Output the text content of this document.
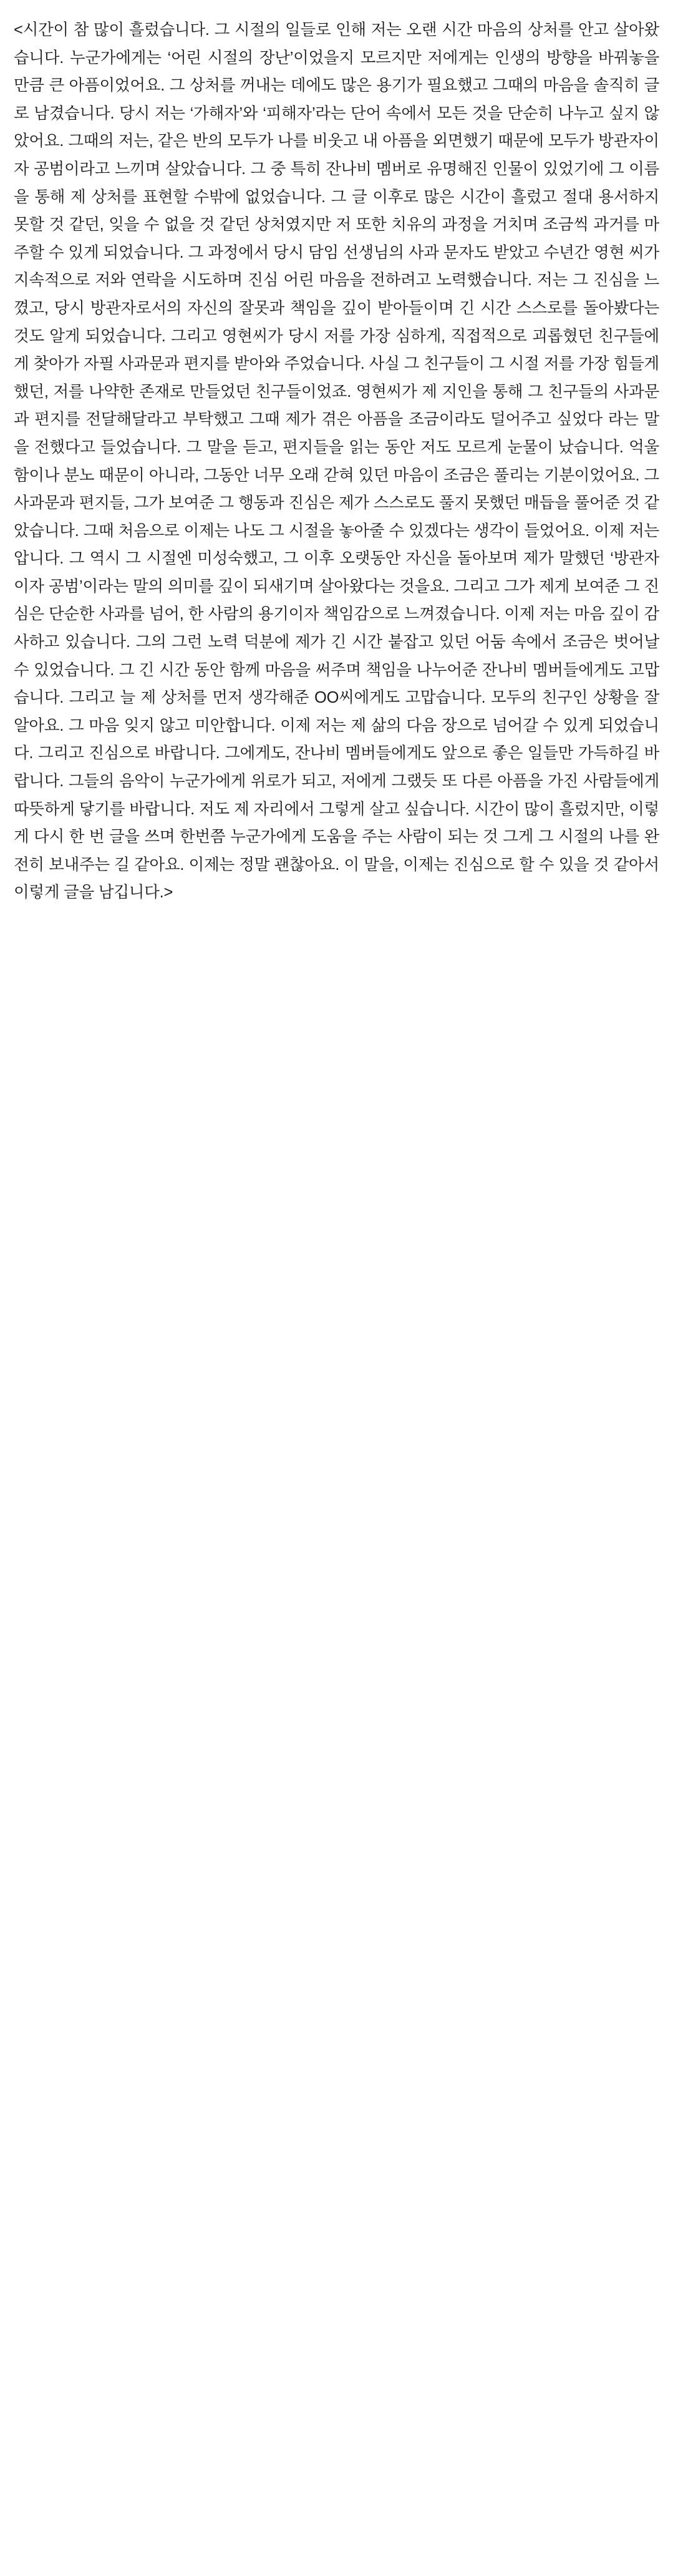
<시간이 참 많이 흘렀습니다. 그 시절의 일들로 인해 저는 오랜 시간 마음의 상처를 안고 살아왔습니다. 누군가에게는 ‘어린 시절의 장난’이었을지 모르지만 저에게는 인생의 방향을 바꿔놓을 만큼 큰 아픔이었어요. 그 상처를 꺼내는 데에도 많은 용기가 필요했고 그때의 마음을 솔직히 글로 남겼습니다. 당시 저는 ‘가해자’와 ‘피해자’라는 단어 속에서 모든 것을 단순히 나누고 싶지 않았어요. 그때의 저는, 같은 반의 모두가 나를 비웃고 내 아픔을 외면했기 때문에 모두가 방관자이자 공범이라고 느끼며 살았습니다. 그 중 특히 잔나비 멤버로 유명해진 인물이 있었기에 그 이름을 통해 제 상처를 표현할 수밖에 없었습니다. 그 글 이후로 많은 시간이 흘렀고 절대 용서하지 못할 것 같던, 잊을 수 없을 것 같던 상처였지만 저 또한 치유의 과정을 거치며 조금씩 과거를 마주할 수 있게 되었습니다. 그 과정에서 당시 담임 선생님의 사과 문자도 받았고 수년간 영현 씨가 지속적으로 저와 연락을 시도하며 진심 어린 마음을 전하려고 노력했습니다. 저는 그 진심을 느꼈고, 당시 방관자로서의 자신의 잘못과 책임을 깊이 받아들이며 긴 시간 스스로를 돌아봤다는 것도 알게 되었습니다. 그리고 영현씨가 당시 저를 가장 심하게, 직접적으로 괴롭혔던 친구들에게 찾아가 자필 사과문과 편지를 받아와 주었습니다. 사실 그 친구들이 그 시절 저를 가장 힘들게 했던, 저를 나약한 존재로 만들었던 친구들이었죠. 영현씨가 제 지인을 통해 그 친구들의 사과문과 편지를 전달해달라고 부탁했고 그때 제가 겪은 아픔을 조금이라도 덜어주고 싶었다 라는 말을 전했다고 들었습니다. 그 말을 듣고, 편지들을 읽는 동안 저도 모르게 눈물이 났습니다. 억울함이나 분노 때문이 아니라, 그동안 너무 오래 갇혀 있던 마음이 조금은 풀리는 기분이었어요. 그 사과문과 편지들, 그가 보여준 그 행동과 진심은 제가 스스로도 풀지 못했던 매듭을 풀어준 것 같았습니다. 그때 처음으로 이제는 나도 그 시절을 놓아줄 수 있겠다는 생각이 들었어요. 이제 저는 압니다. 그 역시 그 시절엔 미성숙했고, 그 이후 오랫동안 자신을 돌아보며 제가 말했던 ‘방관자이자 공범’이라는 말의 의미를 깊이 되새기며 살아왔다는 것을요. 그리고 그가 제게 보여준 그 진심은 단순한 사과를 넘어, 한 사람의 용기이자 책임감으로 느껴졌습니다. 이제 저는 마음 깊이 감사하고 있습니다. 그의 그런 노력 덕분에 제가 긴 시간 붙잡고 있던 어둠 속에서 조금은 벗어날 수 있었습니다. 그 긴 시간 동안 함께 마음을 써주며 책임을 나누어준 잔나비 멤버들에게도 고맙습니다. 그리고 늘 제 상처를 먼저 생각해준 OO씨에게도 고맙습니다. 모두의 친구인 상황을 잘 알아요. 그 마음 잊지 않고 미안합니다. 이제 저는 제 삶의 다음 장으로 넘어갈 수 있게 되었습니다. 그리고 진심으로 바랍니다. 그에게도, 잔나비 멤버들에게도 앞으로 좋은 일들만 가득하길 바랍니다. 그들의 음악이 누군가에게 위로가 되고, 저에게 그랬듯 또 다른 아픔을 가진 사람들에게 따뜻하게 닿기를 바랍니다. 저도 제 자리에서 그렇게 살고 싶습니다. 시간이 많이 흘렀지만, 이렇게 다시 한 번 글을 쓰며 한번쯤 누군가에게 도움을 주는 사람이 되는 것 그게 그 시절의 나를 완전히 보내주는 길 같아요. 이제는 정말 괜찮아요. 이 말을, 이제는 진심으로 할 수 있을 것 같아서 이렇게 글을 남깁니다.>
